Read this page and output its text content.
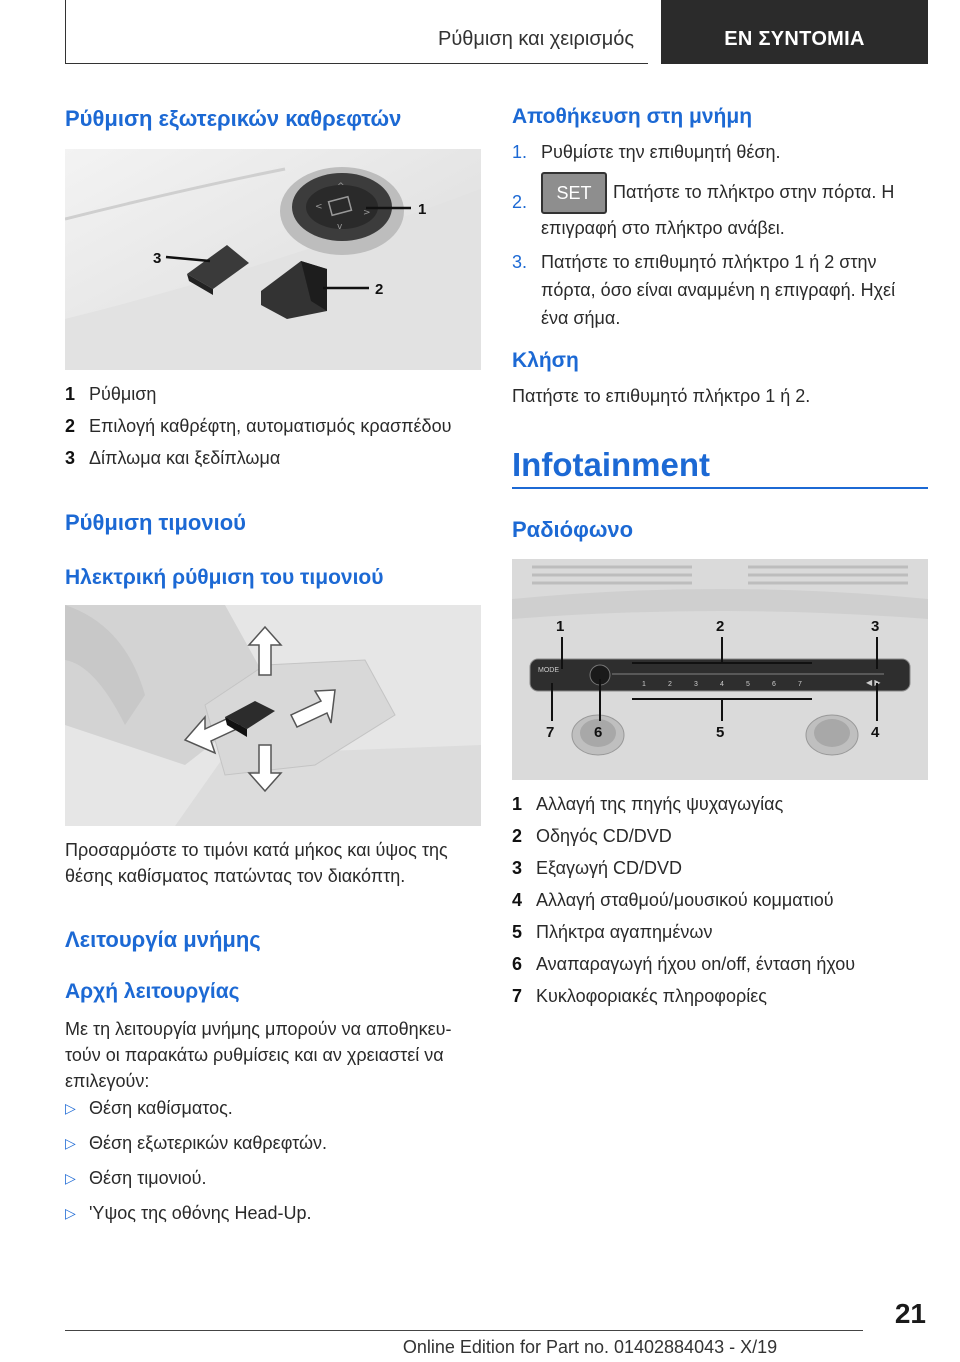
Ρύθμιση και χειρισμός	EN ΣΥΝΤΟΜΙΑ
Ρύθμιση εξωτερικών καθρεφτών
^
<
>
v
1
3
2
1 Ρύθμιση
2 Επιλογή καθρέφτη, αυτοματισμός κρασπέδου
3 Δίπλωμα και ξεδίπλωμα
Ρύθμιση τιμονιού
Ηλεκτρική ρύθμιση του τιμονιού

Προσαρμόστε το τιμόνι κατά μήκος και ύψος της
θέσης καθίσματος πατώντας τον διακόπτη.

Λειτουργία μνήμης
Αρχή λειτουργίας

Με τη λειτουργία μνήμης μπορούν να αποθηκευ-
τούν οι παρακάτω ρυθμίσεις και αν χρειαστεί να
επιλεγούν:

▷ Θέση καθίσματος.
▷ Θέση εξωτερικών καθρεφτών.
▷ Θέση τιμονιού.
▷ 'Υψος της οθόνης Head-Up.
Αποθήκευση στη μνήμη
1. Ρυθμίστε την επιθυμητή θέση.
2.	SET Πατήστε το πλήκτρο στην πόρτα. Η
επιγραφή στο πλήκτρο ανάβει.
3. Πατήστε το επιθυμητό πλήκτρο 1 ή 2 στην
πόρτα, όσο είναι αναμμένη η επιγραφή. Ηχεί
ένα σήμα.
Κλήση

Πατήστε το επιθυμητό πλήκτρο 1 ή 2.

Infotainment
Ραδιόφωνο
MODE
◀ ▶
1	2	3	4	5	6	7
1	2	3
4
5
6
7
1 Αλλαγή της πηγής ψυχαγωγίας
2 Οδηγός CD/DVD
3 Εξαγωγή CD/DVD
4 Αλλαγή σταθμού/μουσικού κομματιού
5 Πλήκτρα αγαπημένων
6 Αναπαραγωγή ήχου on/off, ένταση ήχου
7 Κυκλοφοριακές πληροφορίες
21
Online Edition for Part no. 01402884043 - X/19
